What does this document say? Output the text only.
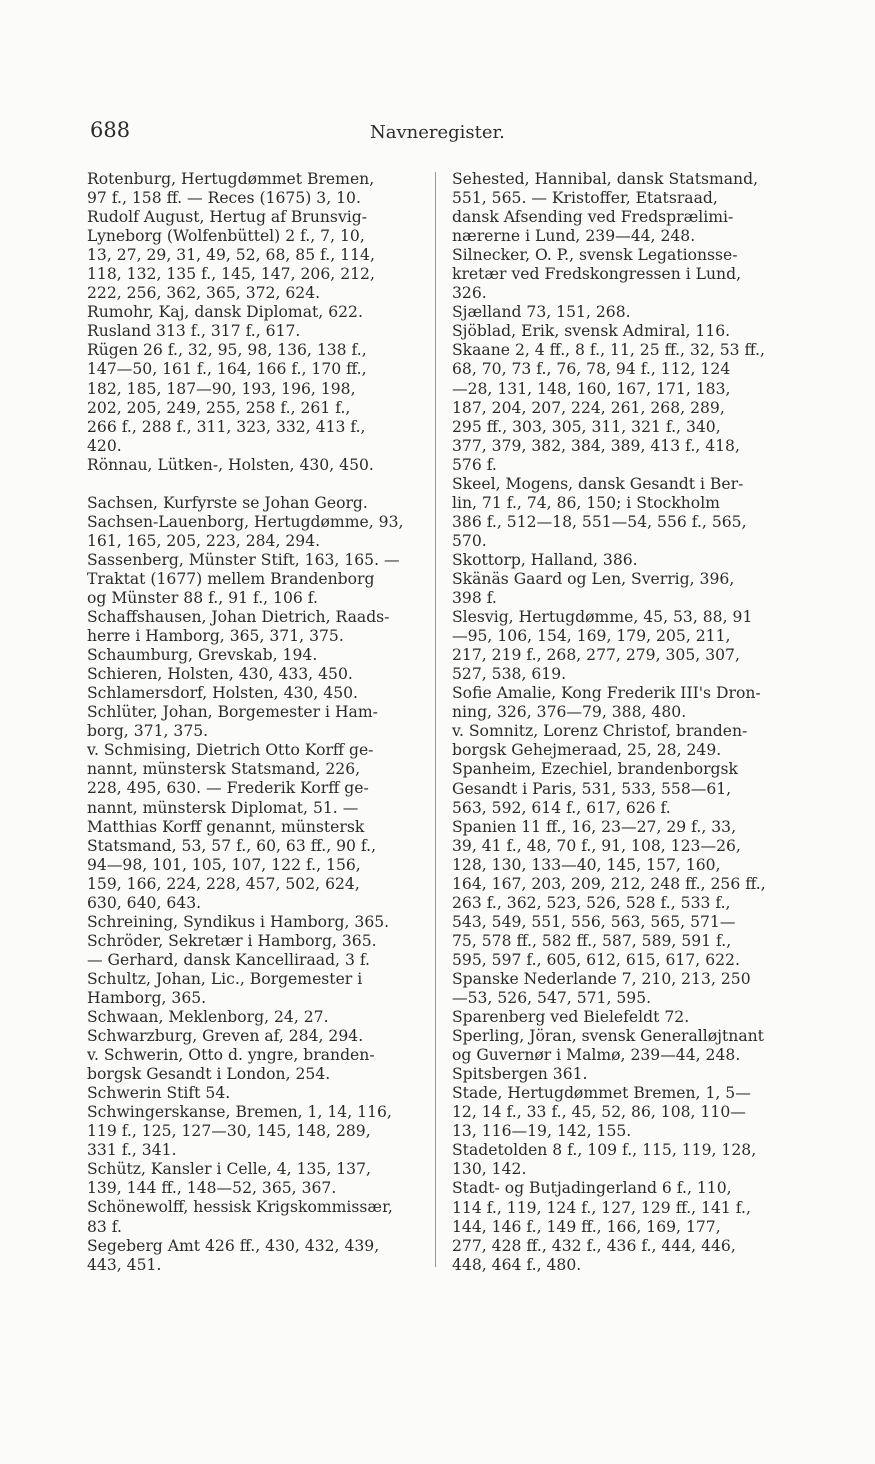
688	Navneregister.

Rotenburg, Hertugdømmet Bremen,
97 f., 158 ff. — Reces (1675) 3, 10.

Rudolf August, Hertug af Brunsvig-
Lyneborg (Wolfenbüttel) 2 f., 7, 10,
13, 27, 29, 31, 49, 52, 68, 85 f., 114,
118, 132, 135 f., 145, 147, 206, 212,
222, 256, 362, 365, 372, 624.

Rumohr, Kaj, dansk Diplomat, 622.

Rusland 313 f., 317 f., 617.

Rügen 26 f., 32, 95, 98, 136, 138 f.,
147—50, 161 f., 164, 166 f., 170 ff.,
182, 185, 187—90, 193, 196, 198,
202, 205, 249, 255, 258 f., 261 f.,
266 f., 288 f., 311, 323, 332, 413 f.,
420.

Rönnau, Lütken-, Holsten, 430, 450.

Sachsen, Kurfyrste se Johan Georg.

Sachsen-Lauenborg, Hertugdømme, 93,
161, 165, 205, 223, 284, 294.

Sassenberg, Münster Stift, 163, 165. —
Traktat (1677) mellem Brandenborg
og Münster 88 f., 91 f., 106 f.

Schaffshausen, Johan Dietrich, Raads-
herre i Hamborg, 365, 371, 375.

Schaumburg, Grevskab, 194.

Schieren, Holsten, 430, 433, 450.

Schlamersdorf, Holsten, 430, 450.

Schlüter, Johan, Borgemester i Ham-
borg, 371, 375.

v. Schmising, Dietrich Otto Korff ge-
nannt, münstersk Statsmand, 226,
228, 495, 630. — Frederik Korff ge-
nannt, münstersk Diplomat, 51. —
Matthias Korff genannt, münstersk
Statsmand, 53, 57 f., 60, 63 ff., 90 f.,
94—98, 101, 105, 107, 122 f., 156,
159, 166, 224, 228, 457, 502, 624,
630, 640, 643.

Schreining, Syndikus i Hamborg, 365.

Schröder, Sekretær i Hamborg, 365.
— Gerhard, dansk Kancelliraad, 3 f.

Schultz, Johan, Lic., Borgemester i
Hamborg, 365.

Schwaan, Meklenborg, 24, 27.

Schwarzburg, Greven af, 284, 294.

v. Schwerin, Otto d. yngre, branden-
borgsk Gesandt i London, 254.

Schwerin Stift 54.

Schwingerskanse, Bremen, 1, 14, 116,
119 f., 125, 127—30, 145, 148, 289,
331 f., 341.

Schütz, Kansler i Celle, 4, 135, 137,
139, 144 ff., 148—52, 365, 367.

Schönewolff, hessisk Krigskommissær,
83 f.

Segeberg Amt 426 ff., 430, 432, 439,
443, 451.

Sehested, Hannibal, dansk Statsmand,
551, 565. — Kristoffer, Etatsraad,
dansk Afsending ved Fredsprælimi-
nærerne i Lund, 239—44, 248.

Silnecker, O. P., svensk Legationsse-
kretær ved Fredskongressen i Lund,
326.

Sjælland 73, 151, 268.

Sjöblad, Erik, svensk Admiral, 116.

Skaane 2, 4 ff., 8 f., 11, 25 ff., 32, 53 ff.,
68, 70, 73 f., 76, 78, 94 f., 112, 124
—28, 131, 148, 160, 167, 171, 183,
187, 204, 207, 224, 261, 268, 289,
295 ff., 303, 305, 311, 321 f., 340,
377, 379, 382, 384, 389, 413 f., 418,
576 f.

Skeel, Mogens, dansk Gesandt i Ber-
lin, 71 f., 74, 86, 150; i Stockholm
386 f., 512—18, 551—54, 556 f., 565,
570.

Skottorp, Halland, 386.

Skänäs Gaard og Len, Sverrig, 396,
398 f.

Slesvig, Hertugdømme, 45, 53, 88, 91
—95, 106, 154, 169, 179, 205, 211,
217, 219 f., 268, 277, 279, 305, 307,
527, 538, 619.

Sofie Amalie, Kong Frederik III's Dron-
ning, 326, 376—79, 388, 480.

v. Somnitz, Lorenz Christof, branden-
borgsk Gehejmeraad, 25, 28, 249.

Spanheim, Ezechiel, brandenborgsk
Gesandt i Paris, 531, 533, 558—61,
563, 592, 614 f., 617, 626 f.

Spanien 11 ff., 16, 23—27, 29 f., 33,
39, 41 f., 48, 70 f., 91, 108, 123—26,
128, 130, 133—40, 145, 157, 160,
164, 167, 203, 209, 212, 248 ff., 256 ff.,
263 f., 362, 523, 526, 528 f., 533 f.,
543, 549, 551, 556, 563, 565, 571—
75, 578 ff., 582 ff., 587, 589, 591 f.,
595, 597 f., 605, 612, 615, 617, 622.

Spanske Nederlande 7, 210, 213, 250
—53, 526, 547, 571, 595.

Sparenberg ved Bielefeldt 72.

Sperling, Jöran, svensk Generalløjtnant
og Guvernør i Malmø, 239—44, 248.

Spitsbergen 361.

Stade, Hertugdømmet Bremen, 1, 5—
12, 14 f., 33 f., 45, 52, 86, 108, 110—
13, 116—19, 142, 155.

Stadetolden 8 f., 109 f., 115, 119, 128,
130, 142.

Stadt- og Butjadingerland 6 f., 110,
114 f., 119, 124 f., 127, 129 ff., 141 f.,
144, 146 f., 149 ff., 166, 169, 177,
277, 428 ff., 432 f., 436 f., 444, 446,
448, 464 f., 480.
